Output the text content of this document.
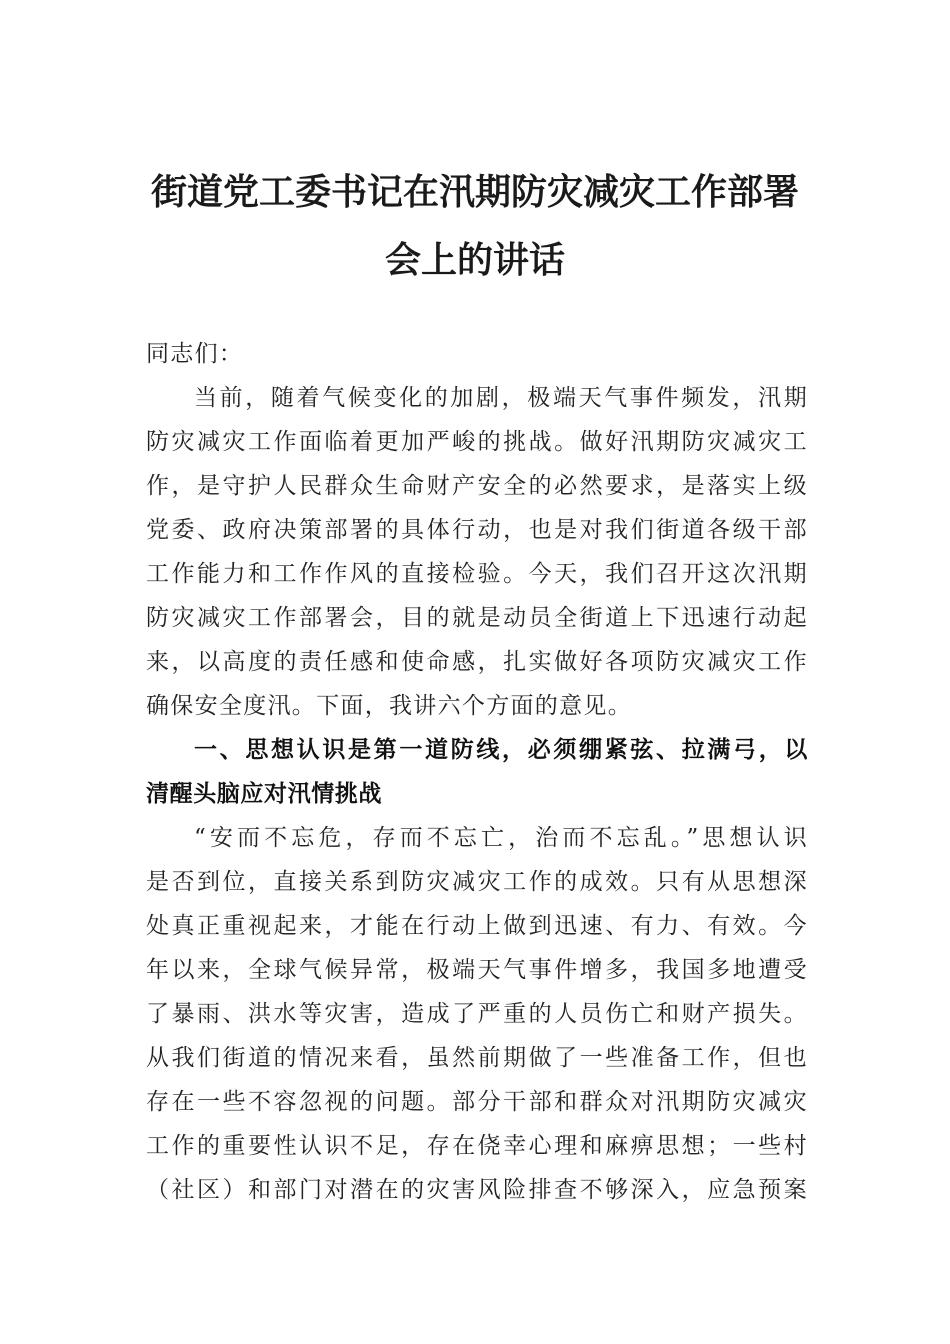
街道党工委书记在汛期防灾减灾工作部署
会上的讲话
同志们：
当前，随着气候变化的加剧，极端天气事件频发，汛期
防灾减灾工作面临着更加严峻的挑战。做好汛期防灾减灾工
作，是守护人民群众生命财产安全的必然要求，是落实上级
党委、政府决策部署的具体行动，也是对我们街道各级干部
工作能力和工作作风的直接检验。今天，我们召开这次汛期
防灾减灾工作部署会，目的就是动员全街道上下迅速行动起
来，以高度的责任感和使命感，扎实做好各项防灾减灾工作
确保安全度汛。下面，我讲六个方面的意见。
一、思想认识是第一道防线，必须绷紧弦、拉满弓，以
清醒头脑应对汛情挑战
“安而不忘危，存而不忘亡，治而不忘乱。”思想认识
是否到位，直接关系到防灾减灾工作的成效。只有从思想深
处真正重视起来，才能在行动上做到迅速、有力、有效。今
年以来，全球气候异常，极端天气事件增多，我国多地遭受
了暴雨、洪水等灾害，造成了严重的人员伤亡和财产损失。
从我们街道的情况来看，虽然前期做了一些准备工作，但也
存在一些不容忽视的问题。部分干部和群众对汛期防灾减灾
工作的重要性认识不足，存在侥幸心理和麻痹思想；一些村
（社区）和部门对潜在的灾害风险排查不够深入，应急预案
